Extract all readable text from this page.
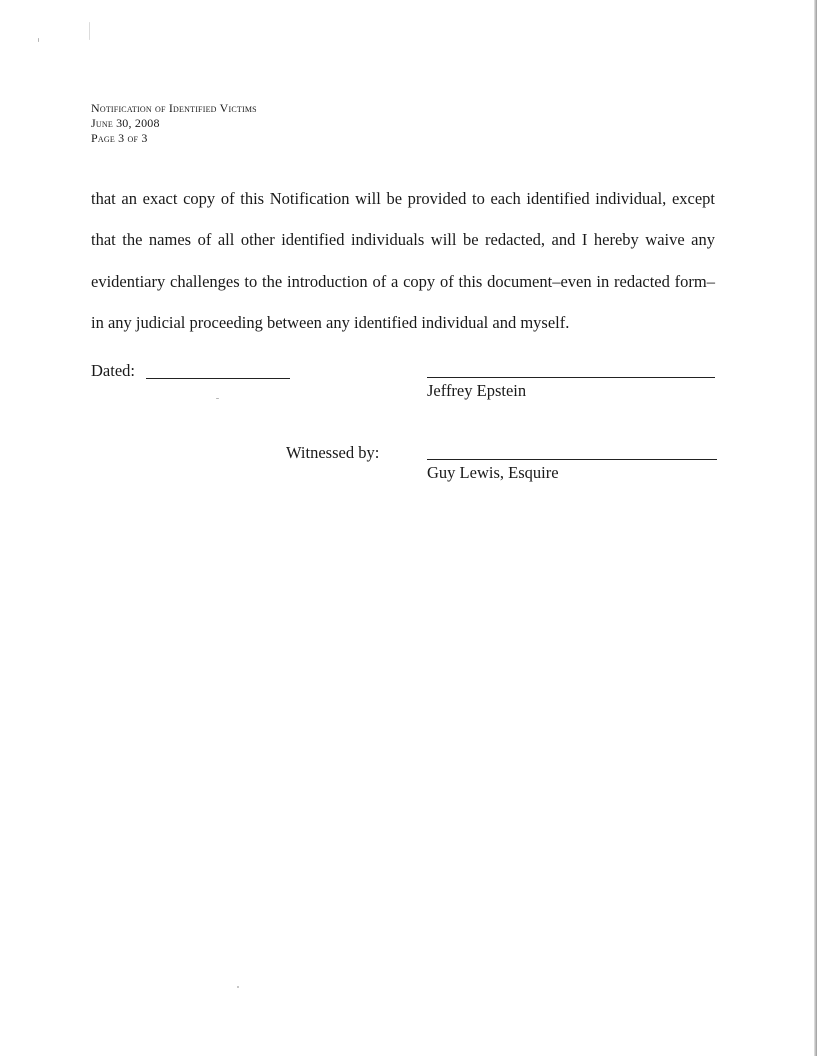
Notification of Identified Victims
June 30, 2008
Page 3 of 3

that an exact copy of this Notification will be provided to each identified individual, except that the names of all other identified individuals will be redacted, and I hereby waive any evidentiary challenges to the introduction of a copy of this document–even in redacted form–in any judicial proceeding between any identified individual and myself.

Dated:
Jeffrey Epstein
Witnessed by:
Guy Lewis, Esquire
